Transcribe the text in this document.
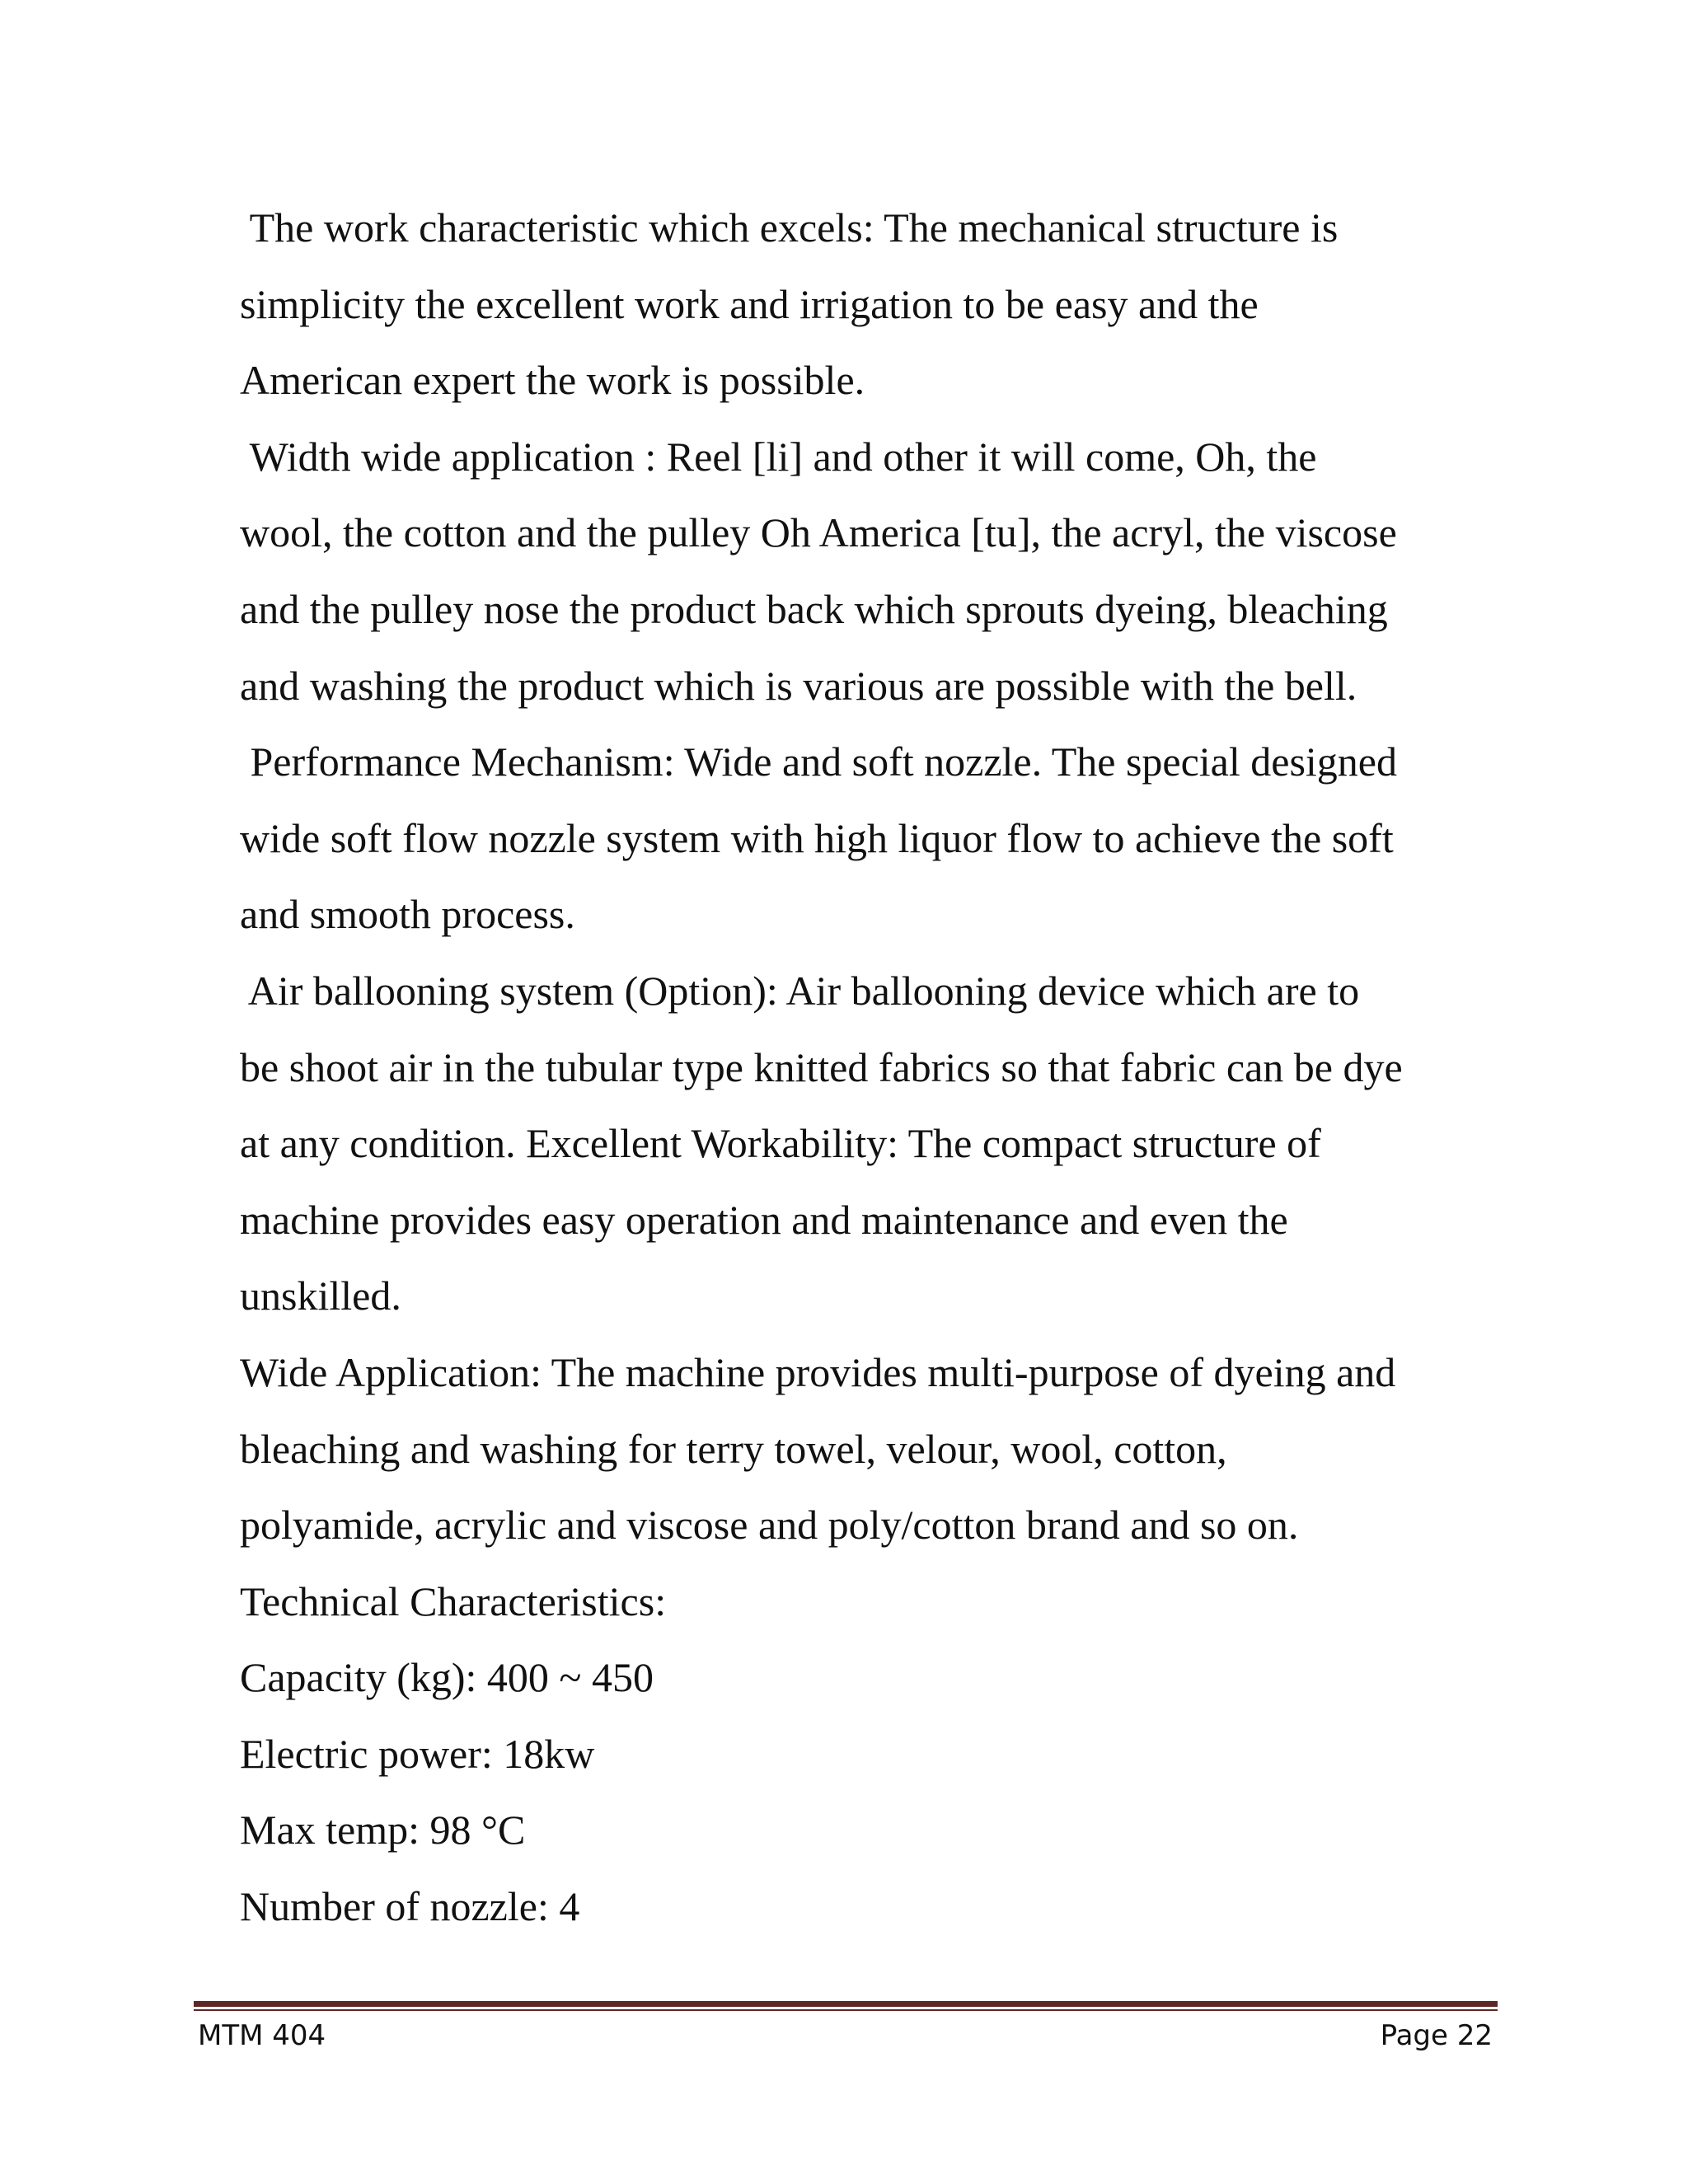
The work characteristic which excels: The mechanical structure is
simplicity the excellent work and irrigation to be easy and the
American expert the work is possible.
Width wide application : Reel [li] and other it will come, Oh, the
wool, the cotton and the pulley Oh America [tu], the acryl, the viscose
and the pulley nose the product back which sprouts dyeing, bleaching
and washing the product which is various are possible with the bell.
Performance Mechanism: Wide and soft nozzle. The special designed
wide soft flow nozzle system with high liquor flow to achieve the soft
and smooth process.
Air ballooning system (Option): Air ballooning device which are to
be shoot air in the tubular type knitted fabrics so that fabric can be dye
at any condition. Excellent Workability: The compact structure of
machine provides easy operation and maintenance and even the
unskilled.
Wide Application: The machine provides multi-purpose of dyeing and
bleaching and washing for terry towel, velour, wool, cotton,
polyamide, acrylic and viscose and poly/cotton brand and so on.
Technical Characteristics:
Capacity (kg): 400 ~ 450
Electric power: 18kw
Max temp: 98 °C
Number of nozzle: 4
MTM 404	Page 22
